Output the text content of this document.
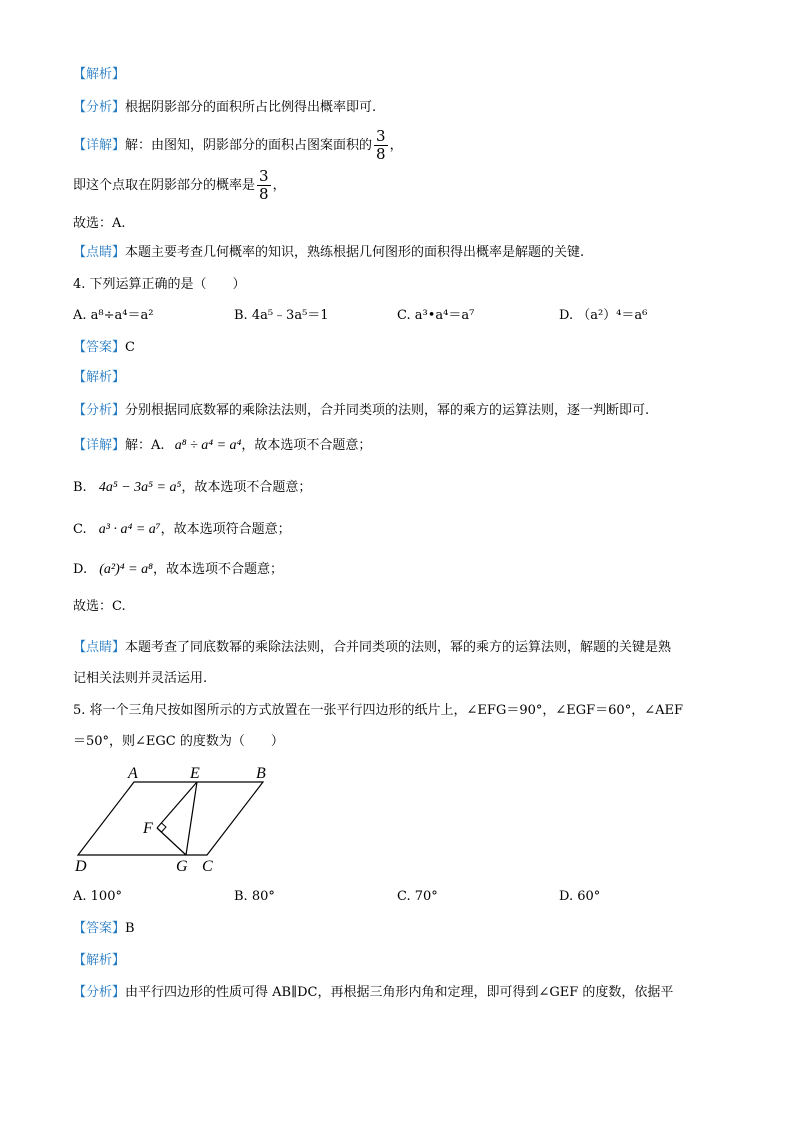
【解析】
【分析】根据阴影部分的面积所占比例得出概率即可.
【详解】解：由图知，阴影部分的面积占图案面积的 $\frac{3}{8}$ ，
即这个点取在阴影部分的概率是 $\frac{3}{8}$ ，
故选：A.
【点睛】本题主要考查几何概率的知识，熟练根据几何图形的面积得出概率是解题的关键.
4. 下列运算正确的是（　　）
A. a⁸÷a⁴＝a²	B. 4a⁵﹣3a⁵＝1	C. a³•a⁴＝a⁷	D. （a²）⁴＝a⁶
【答案】C
【解析】
【分析】分别根据同底数幂的乘除法法则，合并同类项的法则，幂的乘方的运算法则，逐一判断即可.
【详解】解：A. a⁸ ÷ a⁴ = a⁴，故本选项不合题意；
B. 4a⁵ − 3a⁵ = a⁵，故本选项不合题意；
C. a³ · a⁴ = a⁷，故本选项符合题意；
D. (a²)⁴ = a⁸，故本选项不合题意；
故选：C.
【点睛】本题考查了同底数幂的乘除法法则，合并同类项的法则，幂的乘方的运算法则，解题的关键是熟
记相关法则并灵活运用.
5. 将一个三角尺按如图所示的方式放置在一张平行四边形的纸片上，∠EFG＝90°，∠EGF＝60°，∠AEF
＝50°，则∠EGC 的度数为（　　）
A	E	B
F
D	G C
A. 100°	B. 80°	C. 70°	D. 60°
【答案】B
【解析】
【分析】由平行四边形的性质可得 AB∥DC，再根据三角形内角和定理，即可得到∠GEF 的度数，依据平
